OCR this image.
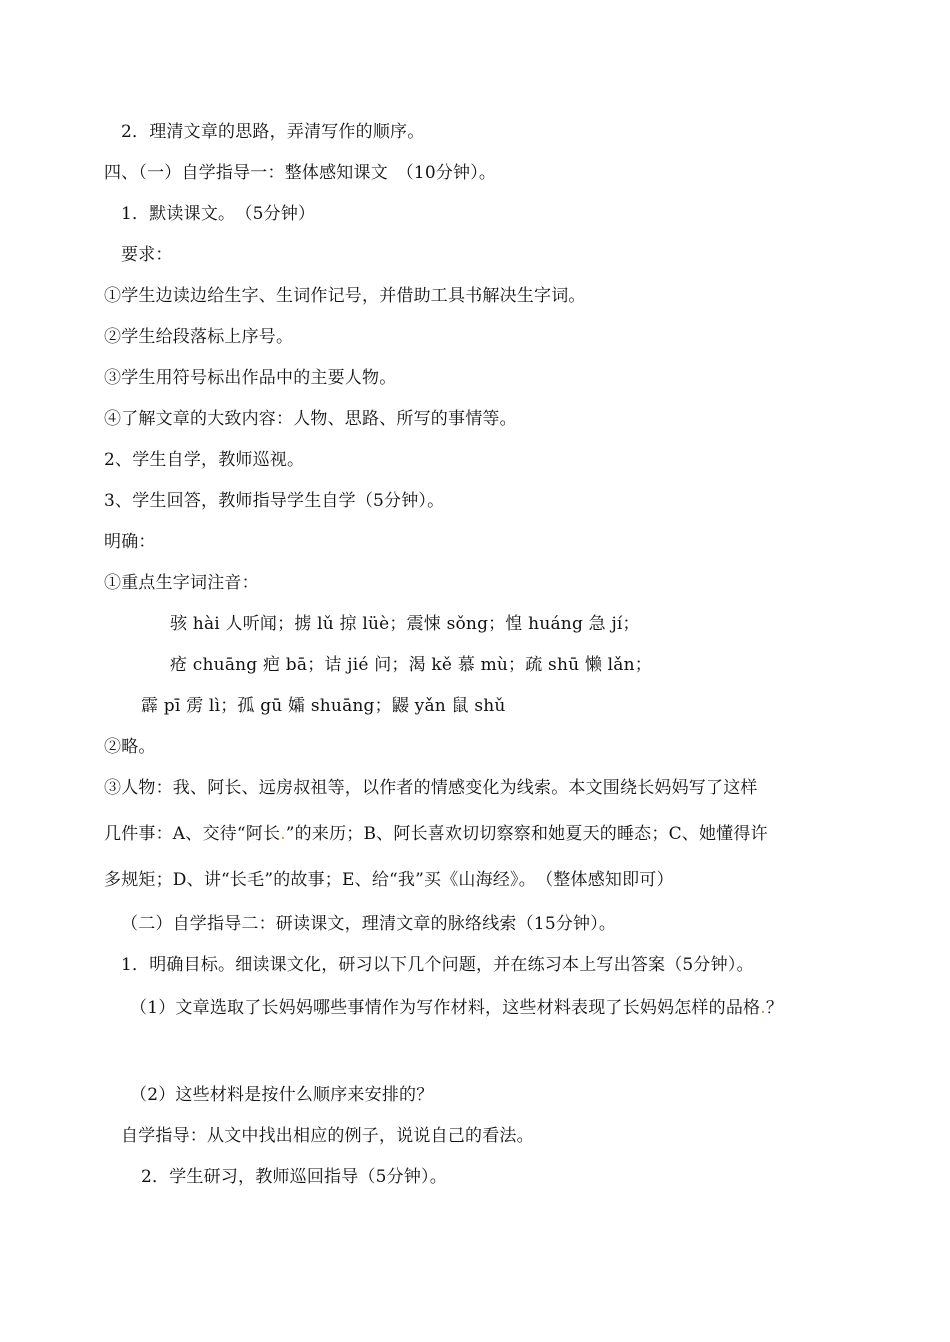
2．理清文章的思路，弄清写作的顺序。
四、（一）自学指导一：整体感知课文　（10分钟）。
1．默读课文。　（5分钟）
要求：
①学生边读边给生字、生词作记号，并借助工具书解决生字词。
②学生给段落标上序号。
③学生用符号标出作品中的主要人物。
④了解文章的大致内容：人物、思路、所写的事情等。
2、学生自学，教师巡视。
3、学生回答，教师指导学生自学（5分钟）。
明确：
①重点生字词注音：
骇 hài 人听闻；掳 lǔ 掠 lüè；震悚 sǒng；惶 huáng 急 jí；
疮 chuāng 疤 bā；诘 jié 问；渴 kě 慕 mù；疏 shū 懒 lǎn；
霹 pī 雳 lì；孤 gū 孀 shuāng；鼹 yǎn 鼠 shǔ
②略。
③人物：我、阿长、远房叔祖等，以作者的情感变化为线索。本文围绕长妈妈写了这样
几件事：A、交待“阿长.”的来历；B、阿长喜欢切切察察和她夏天的睡态；C、她懂得许
多规矩；D、讲“长毛”的故事；E、给“我”买《山海经》。　（整体感知即可）
（二）自学指导二：研读课文，理清文章的脉络线索（15分钟）。
1．明确目标。细读课文化，研习以下几个问题，并在练习本上写出答案（5分钟）。
（1）文章选取了长妈妈哪些事情作为写作材料，这些材料表现了长妈妈怎样的品格.？
（2）这些材料是按什么顺序来安排的？
自学指导：从文中找出相应的例子，说说自己的看法。
2．学生研习，教师巡回指导（5分钟）。
